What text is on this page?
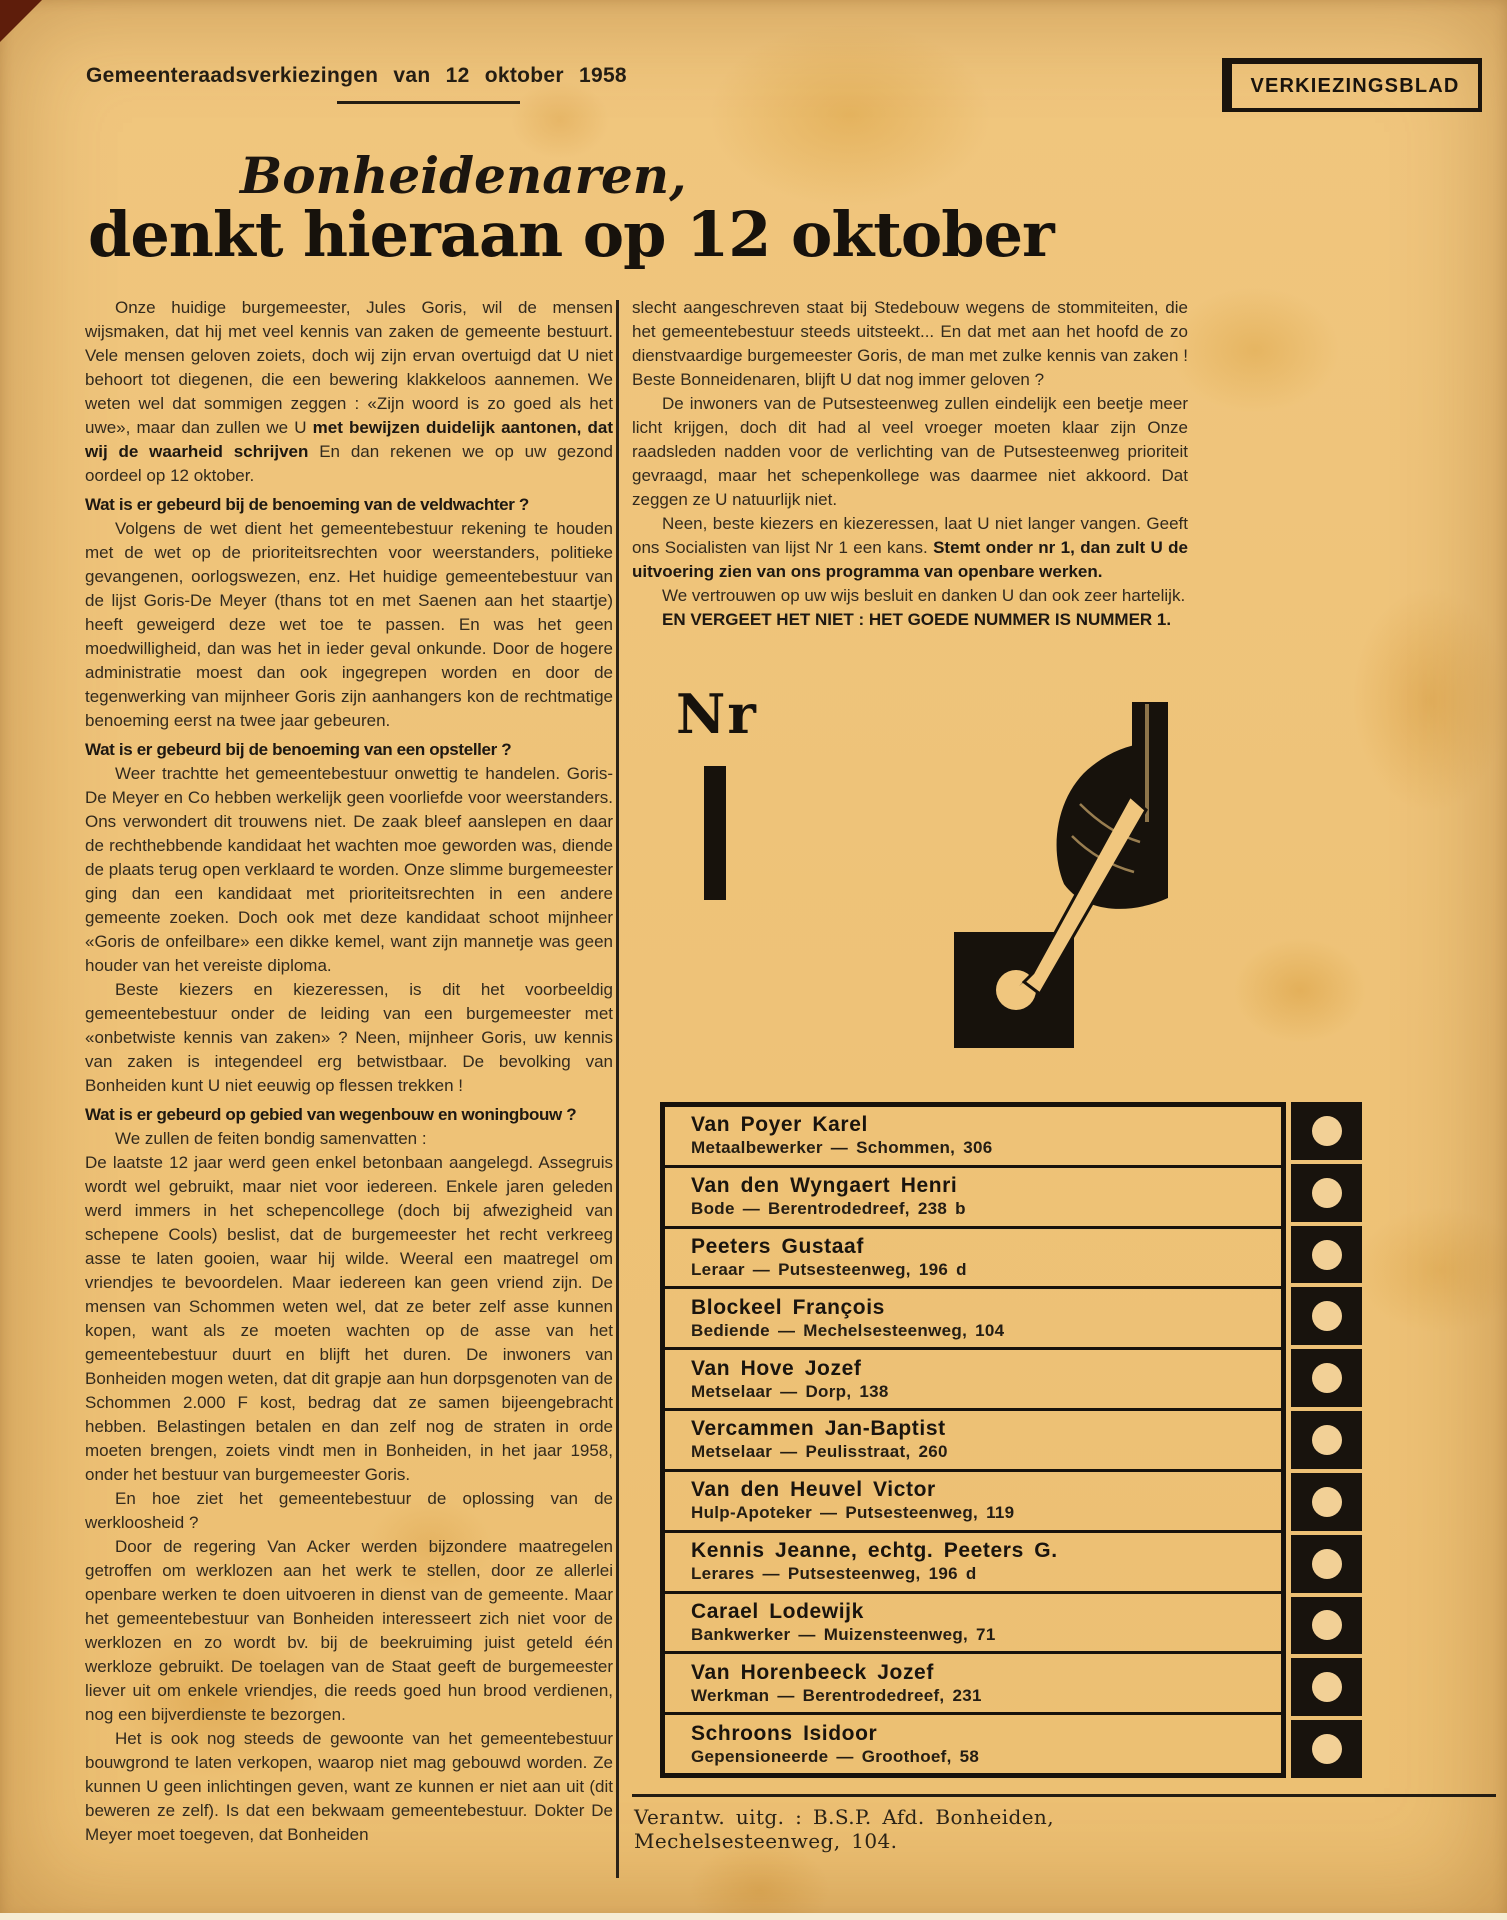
Gemeenteraadsverkiezingen van 12 oktober 1958	VERKIEZINGSBLAD
Bonheidenaren,
denkt hieraan op 12 oktober

Onze huidige burgemeester, Jules Goris, wil de mensen wijsmaken, dat hij met veel kennis van zaken de gemeente bestuurt. Vele mensen geloven zoiets, doch wij zijn ervan overtuigd dat U niet behoort tot diegenen, die een bewering klakkeloos aannemen. We weten wel dat sommigen zeggen : «Zijn woord is zo goed als het uwe», maar dan zullen we U met bewijzen duidelijk aantonen, dat wij de waarheid schrijven En dan rekenen we op uw gezond oordeel op 12 oktober.

Wat is er gebeurd bij de benoeming van de veldwachter ?

Volgens de wet dient het gemeentebestuur rekening te houden met de wet op de prioriteitsrechten voor weerstanders, politieke gevangenen, oorlogswezen, enz. Het huidige gemeentebestuur van de lijst Goris-De Meyer (thans tot en met Saenen aan het staartje) heeft geweigerd deze wet toe te passen. En was het geen moedwilligheid, dan was het in ieder geval onkunde. Door de hogere administratie moest dan ook ingegrepen worden en door de tegenwerking van mijnheer Goris zijn aanhangers kon de rechtmatige benoeming eerst na twee jaar gebeuren.

Wat is er gebeurd bij de benoeming van een opsteller ?

Weer trachtte het gemeentebestuur onwettig te handelen. Goris-De Meyer en Co hebben werkelijk geen voorliefde voor weerstanders. Ons verwondert dit trouwens niet. De zaak bleef aanslepen en daar de rechthebbende kandidaat het wachten moe geworden was, diende de plaats terug open verklaard te worden. Onze slimme burgemeester ging dan een kandidaat met prioriteitsrechten in een andere gemeente zoeken. Doch ook met deze kandidaat schoot mijnheer «Goris de onfeilbare» een dikke kemel, want zijn mannetje was geen houder van het vereiste diploma.

Beste kiezers en kiezeressen, is dit het voorbeeldig gemeentebestuur onder de leiding van een burgemeester met «onbetwiste kennis van zaken» ? Neen, mijnheer Goris, uw kennis van zaken is integendeel erg betwistbaar. De bevolking van Bonheiden kunt U niet eeuwig op flessen trekken !

Wat is er gebeurd op gebied van wegenbouw en woningbouw ?

We zullen de feiten bondig samenvatten :

De laatste 12 jaar werd geen enkel betonbaan aangelegd. Assegruis wordt wel gebruikt, maar niet voor iedereen. Enkele jaren geleden werd immers in het schepencollege (doch bij afwezigheid van schepene Cools) beslist, dat de burgemeester het recht verkreeg asse te laten gooien, waar hij wilde. Weeral een maatregel om vriendjes te bevoordelen. Maar iedereen kan geen vriend zijn. De mensen van Schommen weten wel, dat ze beter zelf asse kunnen kopen, want als ze moeten wachten op de asse van het gemeentebestuur duurt en blijft het duren. De inwoners van Bonheiden mogen weten, dat dit grapje aan hun dorpsgenoten van de Schommen 2.000 F kost, bedrag dat ze samen bijeengebracht hebben. Belastingen betalen en dan zelf nog de straten in orde moeten brengen, zoiets vindt men in Bonheiden, in het jaar 1958, onder het bestuur van burgemeester Goris.

En hoe ziet het gemeentebestuur de oplossing van de werkloosheid ?

Door de regering Van Acker werden bijzondere maatregelen getroffen om werklozen aan het werk te stellen, door ze allerlei openbare werken te doen uitvoeren in dienst van de gemeente. Maar het gemeentebestuur van Bonheiden interesseert zich niet voor de werklozen en zo wordt bv. bij de beekruiming juist geteld één werkloze gebruikt. De toelagen van de Staat geeft de burgemeester liever uit om enkele vriendjes, die reeds goed hun brood verdienen, nog een bijverdienste te bezorgen.

Het is ook nog steeds de gewoonte van het gemeentebestuur bouwgrond te laten verkopen, waarop niet mag gebouwd worden. Ze kunnen U geen inlichtingen geven, want ze kunnen er niet aan uit (dit beweren ze zelf). Is dat een bekwaam gemeentebestuur. Dokter De Meyer moet toegeven, dat Bonheiden

slecht aangeschreven staat bij Stedebouw wegens de stommiteiten, die het gemeentebestuur steeds uitsteekt... En dat met aan het hoofd de zo dienstvaardige burgemeester Goris, de man met zulke kennis van zaken ! Beste Bonneidenaren, blijft U dat nog immer geloven ?

De inwoners van de Putsesteenweg zullen eindelijk een beetje meer licht krijgen, doch dit had al veel vroeger moeten klaar zijn Onze raadsleden nadden voor de verlichting van de Putsesteenweg prioriteit gevraagd, maar het schepenkollege was daarmee niet akkoord. Dat zeggen ze U natuurlijk niet.

Neen, beste kiezers en kiezeressen, laat U niet langer vangen. Geeft ons Socialisten van lijst Nr 1 een kans. Stemt onder nr 1, dan zult U de uitvoering zien van ons programma van openbare werken.

We vertrouwen op uw wijs besluit en danken U dan ook zeer hartelijk.

EN VERGEET HET NIET : HET GOEDE NUMMER IS NUMMER 1.

Nr
Van Poyer Karel
Metaalbewerker — Schommen, 306
Van den Wyngaert Henri
Bode — Berentrodedreef, 238 b
Peeters Gustaaf
Leraar — Putsesteenweg, 196 d
Blockeel François
Bediende — Mechelsesteenweg, 104
Van Hove Jozef
Metselaar — Dorp, 138
Vercammen Jan-Baptist
Metselaar — Peulisstraat, 260
Van den Heuvel Victor
Hulp-Apoteker — Putsesteenweg, 119
Kennis Jeanne, echtg. Peeters G.
Lerares — Putsesteenweg, 196 d
Carael Lodewijk
Bankwerker — Muizensteenweg, 71
Van Horenbeeck Jozef
Werkman — Berentrodedreef, 231
Schroons Isidoor
Gepensioneerde — Groothoef, 58
Verantw. uitg. : B.S.P. Afd. Bonheiden, Mechelsesteenweg, 104.
